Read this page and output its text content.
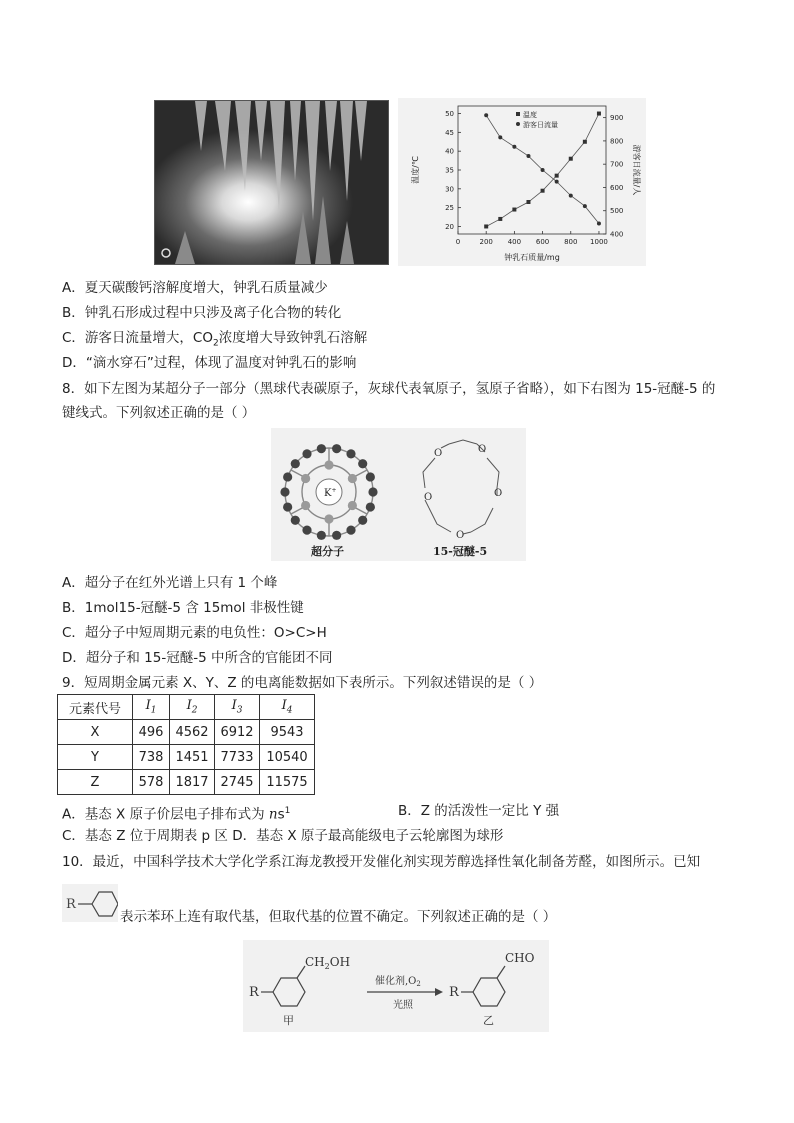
0	200 400 600 800 1000
20
25
30
35
40
45
50
400
500
600
700
800
900
温度
游客日流量
温度/℃	游客日流量/人
钟乳石质量/mg
A．夏天碳酸钙溶解度增大，钟乳石质量减少
B．钟乳石形成过程中只涉及离子化合物的转化
C．游客日流量增大，$CO_2$浓度增大导致钟乳石溶解
D．“滴水穿石”过程，体现了温度对钟乳石的影响
8．如下左图为某超分子一部分（黑球代表碳原子，灰球代表氧原子，氢原子省略），如下右图为 15-冠醚-5 的
键线式。下列叙述正确的是（ ）
K+
超分子
O	O
O
O
O
15-冠醚-5
A．超分子在红外光谱上只有 1 个峰
B．1mol15-冠醚-5 含 15mol 非极性键
C．超分子中短周期元素的电负性：O>C>H
D．超分子和 15-冠醚-5 中所含的官能团不同
9．短周期金属元素 X、Y、Z 的电离能数据如下表所示。下列叙述错误的是（ ）
元素代号	$I_1$	$I_2$	$I_3$	$I_4$
X	496	4562	6912	9543
Y	738	1451	7733	10540
Z	578	1817	2745	11575
A．基态 X 原子价层电子排布式为 $ns^1$	B．Z 的活泼性一定比 Y 强
C．基态 Z 位于周期表 p 区 D．基态 X 原子最高能级电子云轮廓图为球形
10．最近，中国科学技术大学化学系江海龙教授开发催化剂实现芳醇选择性氧化制备芳醛，如图所示。已知
R
表示苯环上连有取代基，但取代基的位置不确定。下列叙述正确的是（ ）
R
$CH_2OH$
甲
催化剂$,O_2$
光照
R
CHO
乙
